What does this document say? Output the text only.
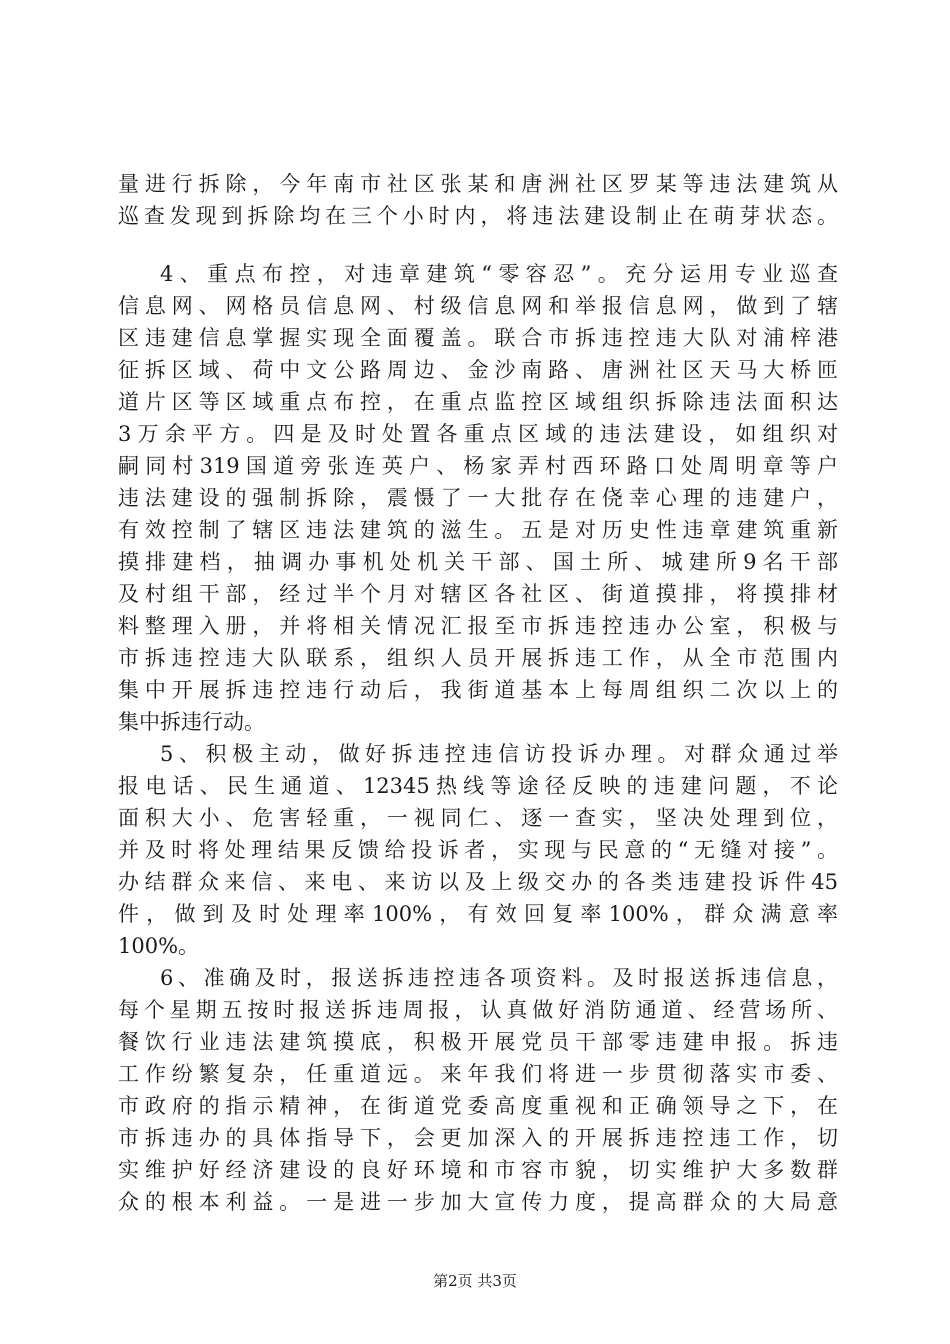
量进行拆除，今年南市社区张某和唐洲社区罗某等违法建筑从
巡查发现到拆除均在三个小时内，将违法建设制止在萌芽状态。
4、重点布控，对违章建筑“零容忍”。充分运用专业巡查
信息网、网格员信息网、村级信息网和举报信息网，做到了辖
区违建信息掌握实现全面覆盖。联合市拆违控违大队对浦梓港
征拆区域、荷中文公路周边、金沙南路、唐洲社区天马大桥匝
道片区等区域重点布控，在重点监控区域组织拆除违法面积达
3万余平方。四是及时处置各重点区域的违法建设，如组织对
嗣同村319国道旁张连英户、杨家弄村西环路口处周明章等户
违法建设的强制拆除，震慑了一大批存在侥幸心理的违建户，
有效控制了辖区违法建筑的滋生。五是对历史性违章建筑重新
摸排建档，抽调办事机处机关干部、国土所、城建所9名干部
及村组干部，经过半个月对辖区各社区、街道摸排，将摸排材
料整理入册，并将相关情况汇报至市拆违控违办公室，积极与
市拆违控违大队联系，组织人员开展拆违工作，从全市范围内
集中开展拆违控违行动后，我街道基本上每周组织二次以上的
集中拆违行动。
5、积极主动，做好拆违控违信访投诉办理。对群众通过举
报电话、民生通道、12345热线等途径反映的违建问题，不论
面积大小、危害轻重，一视同仁、逐一查实，坚决处理到位，
并及时将处理结果反馈给投诉者，实现与民意的“无缝对接”。
办结群众来信、来电、来访以及上级交办的各类违建投诉件45
件，做到及时处理率100%，有效回复率100%，群众满意率
100%。
6、准确及时，报送拆违控违各项资料。及时报送拆违信息，
每个星期五按时报送拆违周报，认真做好消防通道、经营场所、
餐饮行业违法建筑摸底，积极开展党员干部零违建申报。拆违
工作纷繁复杂，任重道远。来年我们将进一步贯彻落实市委、
市政府的指示精神，在街道党委高度重视和正确领导之下，在
市拆违办的具体指导下，会更加深入的开展拆违控违工作，切
实维护好经济建设的良好环境和市容市貌，切实维护大多数群
众的根本利益。一是进一步加大宣传力度，提高群众的大局意
第2页 共3页
